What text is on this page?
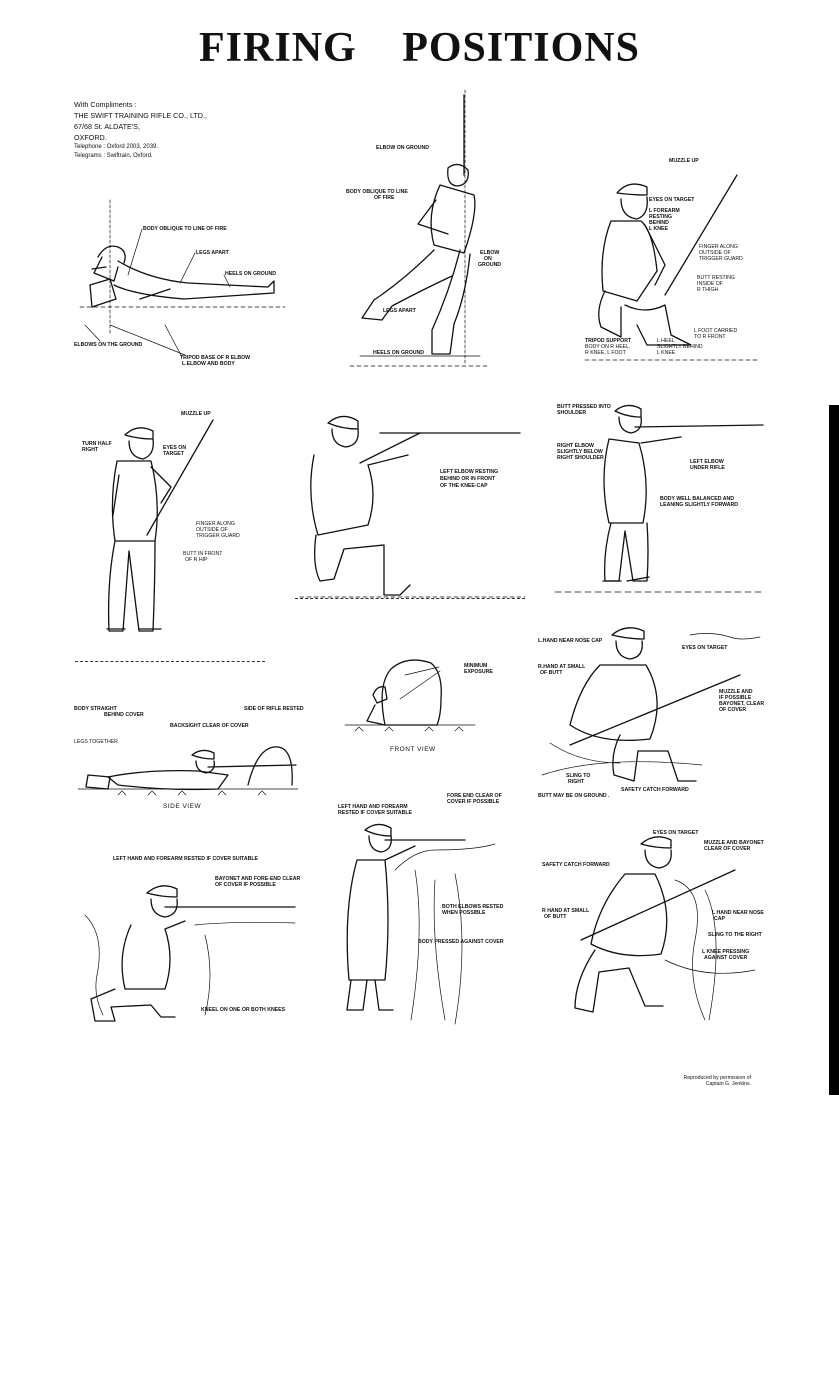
FIRING POSITIONS
With Compliments :
THE SWIFT TRAINING RIFLE CO., LTD.,
67/68 St. ALDATE'S,
OXFORD.
Telephone : Oxford 2003, 2039.
Telegrams : Swiftrain, Oxford.
BODY OBLIQUE TO LINE OF FIRE
LEGS APART
HEELS ON GROUND
ELBOWS ON THE GROUND
TRIPOD BASE OF R ELBOW
L.ELBOW AND BODY
ELBOW ON GROUND
BODY OBLIQUE TO LINE
OF FIRE
ELBOW
ON
GROUND
LEGS APART
HEELS ON GROUND
MUZZLE UP
EYES ON TARGET
L FOREARM
RESTING
BEHIND
L KNEE
FINGER ALONG
OUTSIDE OF
TRIGGER GUARD
BUTT RESTING
INSIDE OF
R THIGH
L FOOT CARRIED
TO R FRONT
TRIPOD SUPPORT
BODY ON R HEEL,
R KNEE, L FOOT
L HEEL
SLIGHTLY BEHIND
L KNEE
MUZZLE UP
TURN HALF
RIGHT	EYES ON
TARGET
FINGER ALONG
OUTSIDE OF
TRIGGER GUARD
BUTT IN FRONT
OF R HIP
LEFT ELBOW RESTING
BEHIND OR IN FRONT
OF THE KNEE-CAP
BUTT PRESSED INTO
SHOULDER
RIGHT ELBOW
SLIGHTLY BELOW
RIGHT SHOULDER
LEFT ELBOW
UNDER RIFLE
BODY WELL BALANCED AND
LEANING SLIGHTLY FORWARD
BODY STRAIGHT
BEHIND COVER
BACKSIGHT CLEAR OF COVER
SIDE OF RIFLE RESTED
LEGS TOGETHER
SIDE VIEW
MINIMUM
EXPOSURE
FRONT VIEW
L.HAND NEAR NOSE CAP
EYES ON TARGET
R.HAND AT SMALL
OF BUTT
MUZZLE AND
IF POSSIBLE
BAYONET, CLEAR
OF COVER
SLING TO
RIGHT
SAFETY CATCH FORWARD
BUTT MAY BE ON GROUND .
LEFT HAND AND FOREARM RESTED IF COVER SUITABLE
BAYONET AND FORE-END CLEAR
OF COVER IF POSSIBLE
KNEEL ON ONE OR BOTH KNEES
LEFT HAND AND FOREARM
RESTED IF COVER SUITABLE
FORE END CLEAR OF
COVER IF POSSIBLE
BOTH ELBOWS RESTED
WHEN POSSIBLE
BODY PRESSED AGAINST COVER
EYES ON TARGET
MUZZLE AND BAYONET
CLEAR OF COVER
SAFETY CATCH FORWARD
R HAND AT SMALL
OF BUTT
L HAND NEAR NOSE
CAP
SLING TO THE RIGHT
L KNEE PRESSING
AGAINST COVER
Reproduced by permission of
Captain G. Jenkins.
